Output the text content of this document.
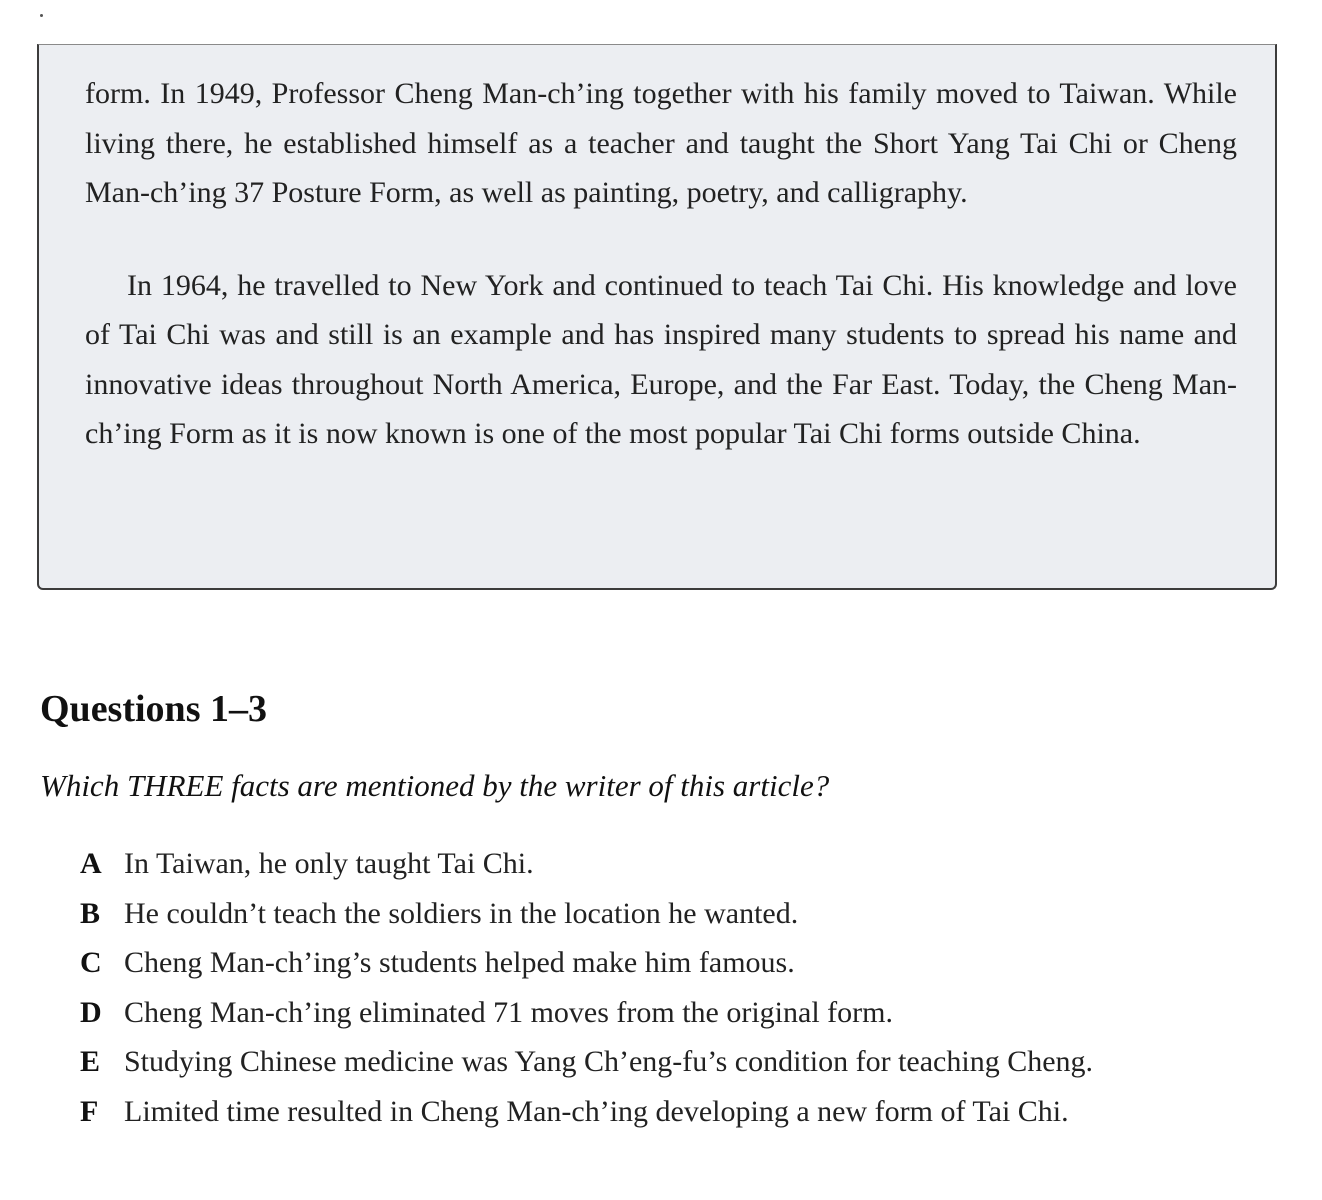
form. In 1949, Professor Cheng Man-ch’ing together with his family moved to Taiwan. While living there, he established himself as a teacher and taught the Short Yang Tai Chi or Cheng Man-ch’ing 37 Posture Form, as well as painting, poetry, and calligraphy.

In 1964, he travelled to New York and continued to teach Tai Chi. His knowledge and love of Tai Chi was and still is an example and has inspired many students to spread his name and innovative ideas throughout North America, Europe, and the Far East. Today, the Cheng Man-ch’ing Form as it is now known is one of the most popular Tai Chi forms outside China.

Questions 1–3

Which THREE facts are mentioned by the writer of this article?

A In Taiwan, he only taught Tai Chi.
B He couldn’t teach the soldiers in the location he wanted.
C Cheng Man-ch’ing’s students helped make him famous.
D Cheng Man-ch’ing eliminated 71 moves from the original form.
E Studying Chinese medicine was Yang Ch’eng-fu’s condition for teaching Cheng.
F Limited time resulted in Cheng Man-ch’ing developing a new form of Tai Chi.
